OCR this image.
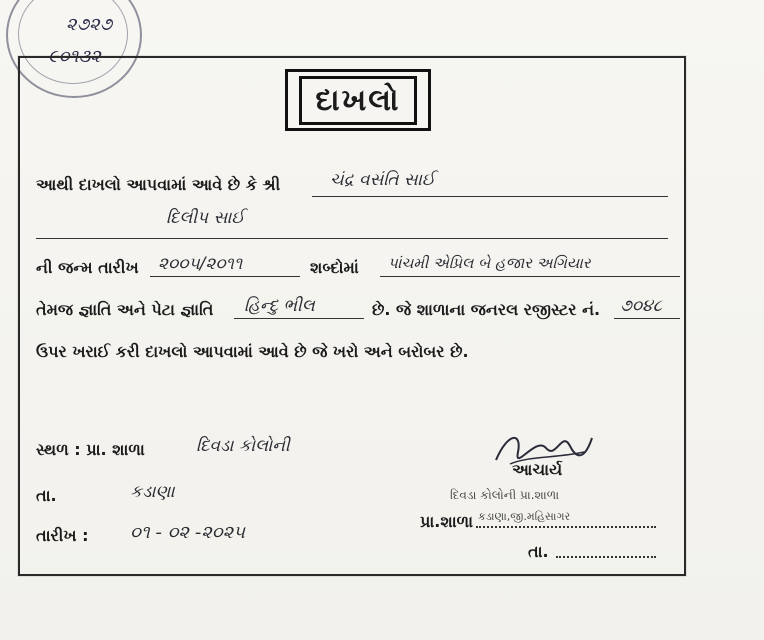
૨૭૨૭
૯૦૧૩૨
દાખલો
આથી દાખલો આપવામાં આવે છે કે શ્રી	ચંદ્ર વસંતિ સાઈ
દિલીપ સાઈ
ની જન્મ તારીખ ૨૦૦૫/૨૦૧૧	શબ્દોમાં પાંચમી એપ્રિલ બે હજાર અગિયાર
તેમજ જ્ઞાતિ અને પેટા જ્ઞાતિ હિન્દુ ભીલ	છે. જે શાળાના જનરલ રજીસ્ટર નં. ૭૦૪૮
ઉપર ખરાઈ કરી દાખલો આપવામાં આવે છે જે ખરો અને બરોબર છે.
સ્થળ : પ્રા. શાળા	દિવડા કોલોની
તા.	કડાણા
તારીખ : ૦૧ - ૦૨ -૨૦૨૫
આચાર્ય
દિવડા કોલોની પ્રા.શાળા
પ્રા.શાળા કડાણા,જી.મહિસાગર
તા.
